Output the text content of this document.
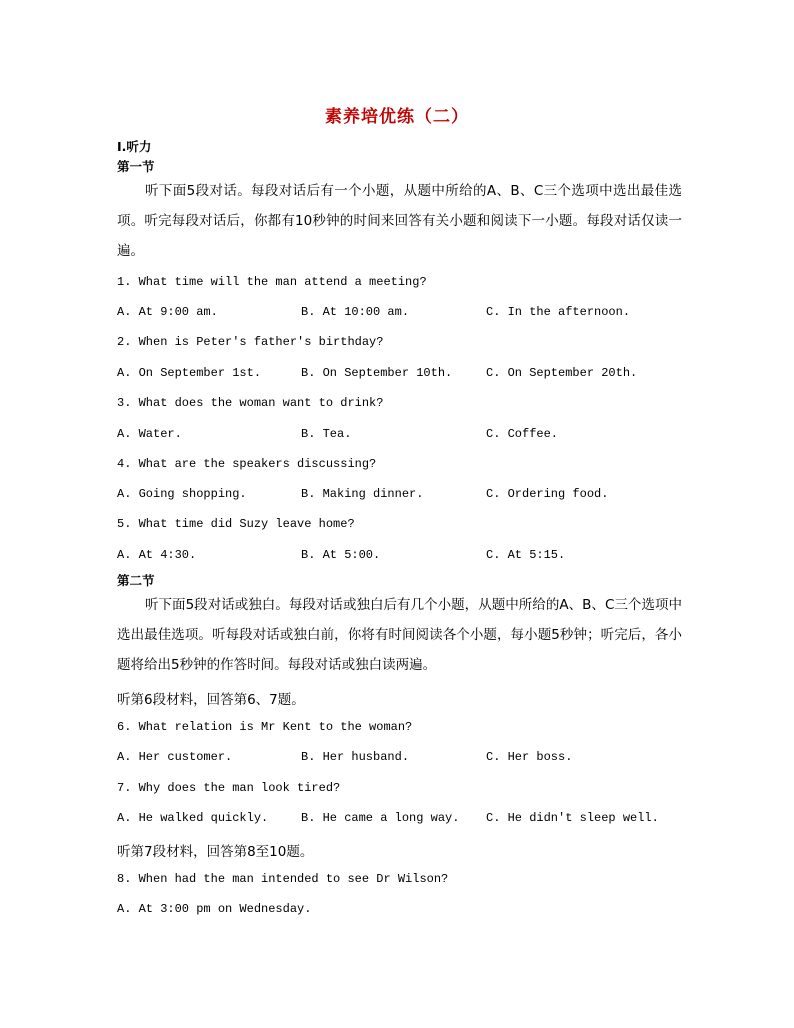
素养培优练（二）
Ⅰ.听力
第一节
听下面5段对话。每段对话后有一个小题，从题中所给的A、B、C三个选项中选出最佳选项。听完每段对话后，你都有10秒钟的时间来回答有关小题和阅读下一小题。每段对话仅读一遍。
1. What time will the man attend a meeting?
A. At 9:00 am.	B. At 10:00 am.	C. In the afternoon.
2. When is Peter's father's birthday?
A. On September 1st.	B. On September 10th.	C. On September 20th.
3. What does the woman want to drink?
A. Water.	B. Tea.	C. Coffee.
4. What are the speakers discussing?
A. Going shopping.	B. Making dinner.	C. Ordering food.
5. What time did Suzy leave home?
A. At 4:30.	B. At 5:00.	C. At 5:15.
第二节
听下面5段对话或独白。每段对话或独白后有几个小题，从题中所给的A、B、C三个选项中选出最佳选项。听每段对话或独白前，你将有时间阅读各个小题，每小题5秒钟；听完后，各小题将给出5秒钟的作答时间。每段对话或独白读两遍。
听第6段材料，回答第6、7题。
6. What relation is Mr Kent to the woman?
A. Her customer.	B. Her husband.	C. Her boss.
7. Why does the man look tired?
A. He walked quickly.	B. He came a long way. C. He didn't sleep well.
听第7段材料，回答第8至10题。
8. When had the man intended to see Dr Wilson?
A. At 3:00 pm on Wednesday.
